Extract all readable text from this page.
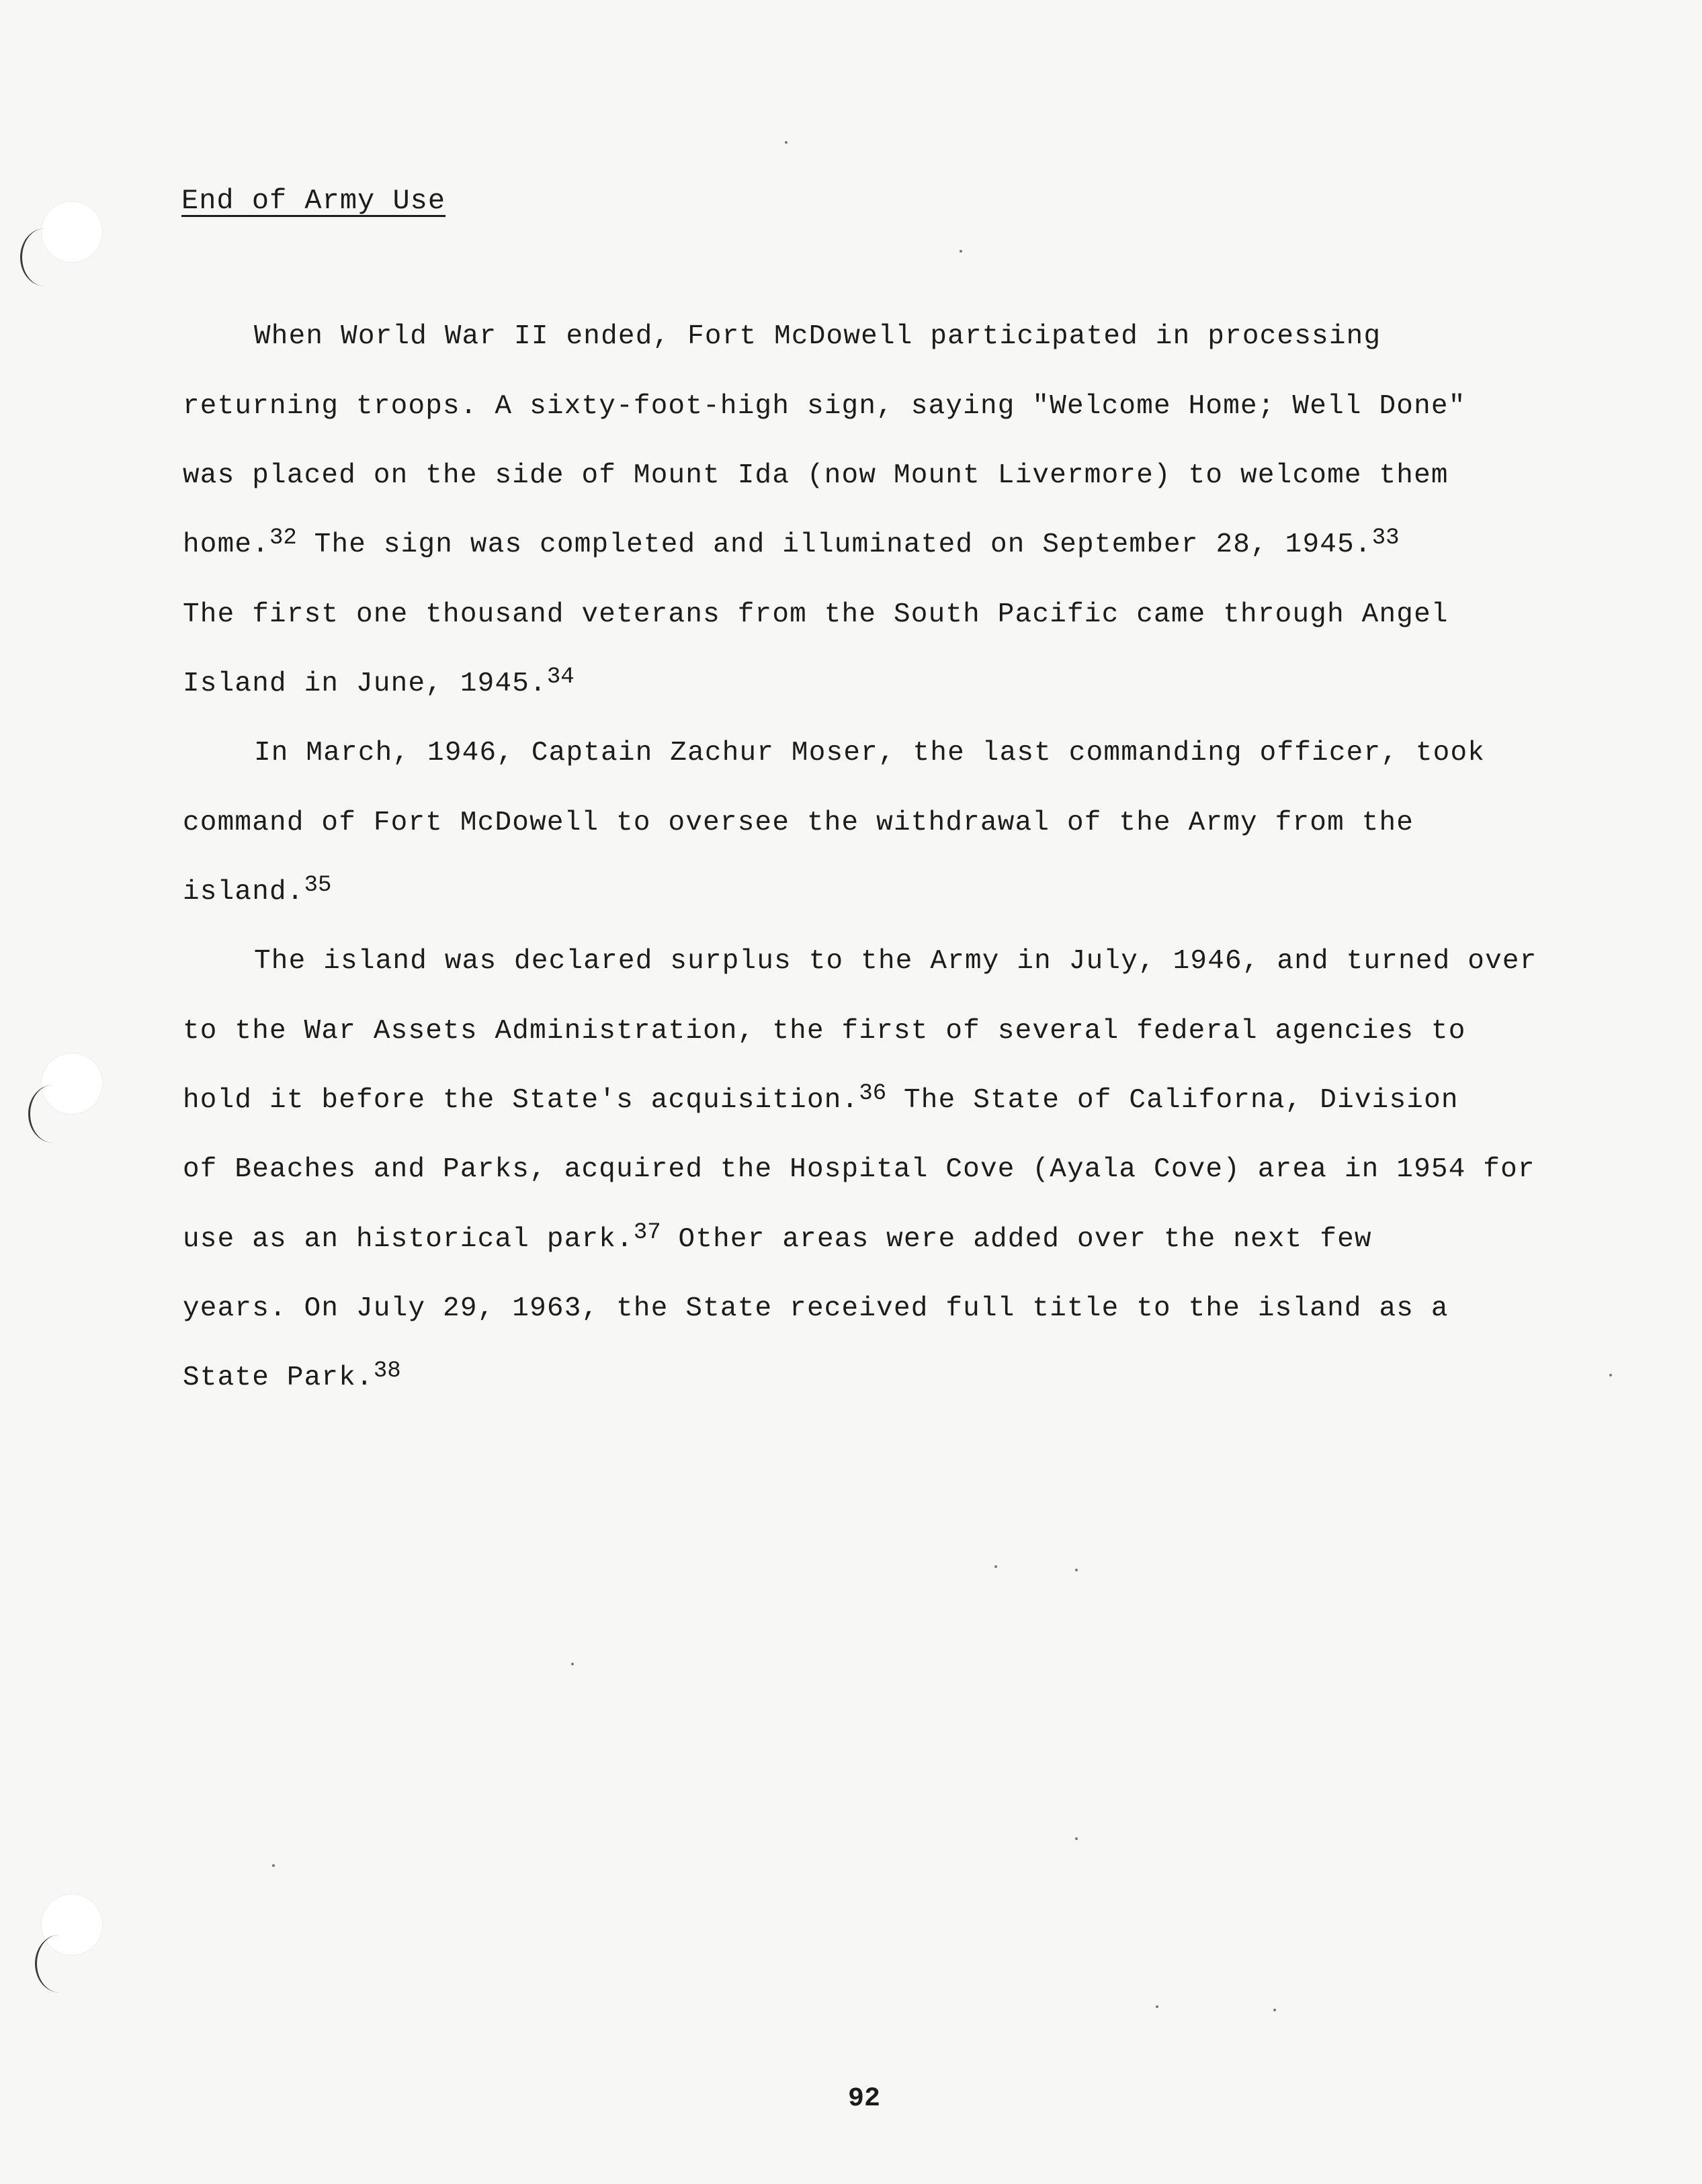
End of Army Use
When World War II ended, Fort McDowell participated in processing
returning troops. A sixty-foot-high sign, saying "Welcome Home; Well Done"
was placed on the side of Mount Ida (now Mount Livermore) to welcome them
home.$^{32}$ The sign was completed and illuminated on September 28, 1945.33
The first one thousand veterans from the South Pacific came through Angel
Island in June, 1945.34
In March, 1946, Captain Zachur Moser, the last commanding officer, took
command of Fort McDowell to oversee the withdrawal of the Army from the
island.$^{35}$
The island was declared surplus to the Army in July, 1946, and turned over
to the War Assets Administration, the first of several federal agencies to
hold it before the State's acquisition.$^{36}$ The State of Californa, Division
of Beaches and Parks, acquired the Hospital Cove (Ayala Cove) area in 1954 for
use as an historical park.$^{37}$ Other areas were added over the next few
years. On July 29, 1963, the State received full title to the island as a
State Park.$^{38}$
92
